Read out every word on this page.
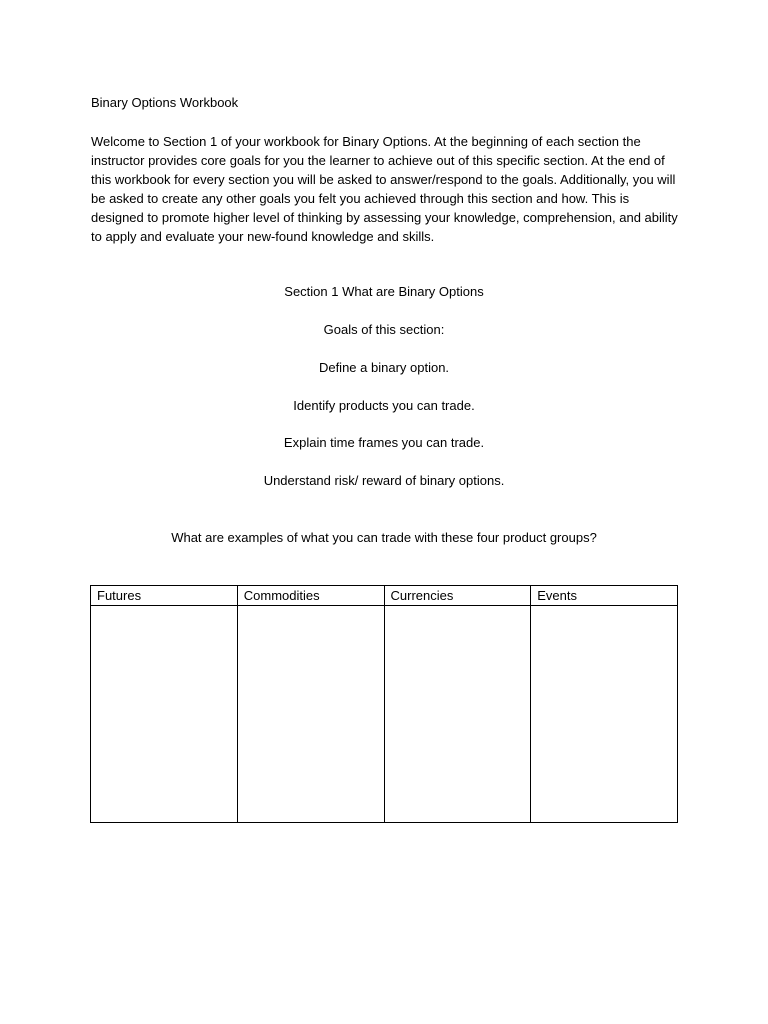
Binary Options Workbook

Welcome to Section 1 of your workbook for Binary Options. At the beginning of each section the instructor provides core goals for you the learner to achieve out of this specific section. At the end of this workbook for every section you will be asked to answer/respond to the goals. Additionally, you will be asked to create any other goals you felt you achieved through this section and how. This is designed to promote higher level of thinking by assessing your knowledge, comprehension, and ability to apply and evaluate your new-found knowledge and skills.

Section 1 What are Binary Options

Goals of this section:

Define a binary option.

Identify products you can trade.

Explain time frames you can trade.

Understand risk/ reward of binary options.

What are examples of what you can trade with these four product groups?

Futures	Commodities	Currencies	Events
